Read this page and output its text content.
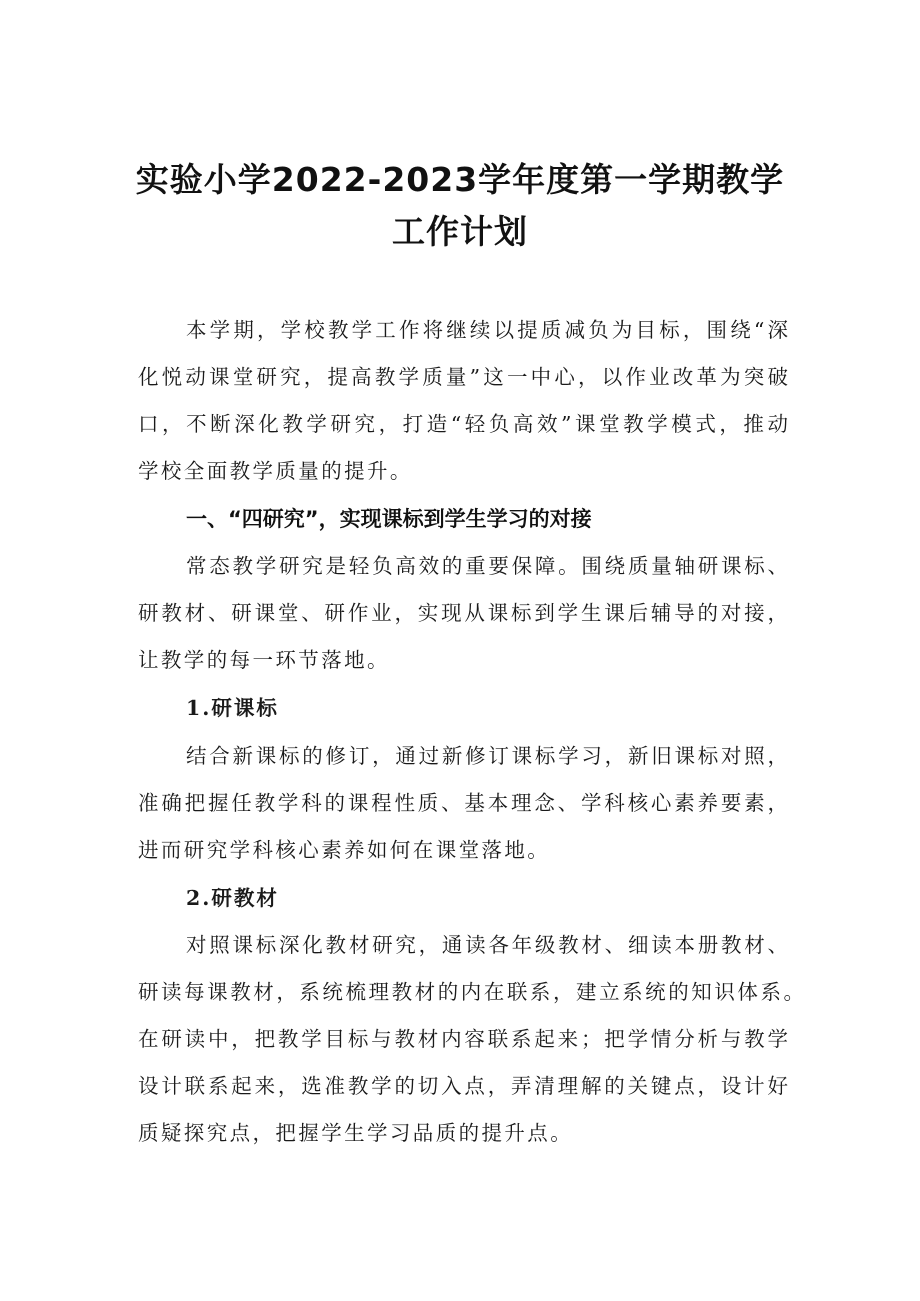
实验小学2022-2023学年度第一学期教学
工作计划

本学期，学校教学工作将继续以提质减负为目标，围绕“深

化悦动课堂研究，提高教学质量”这一中心，以作业改革为突破

口，不断深化教学研究，打造“轻负高效”课堂教学模式，推动

学校全面教学质量的提升。

一、“四研究”，实现课标到学生学习的对接

常态教学研究是轻负高效的重要保障。围绕质量轴研课标、

研教材、研课堂、研作业，实现从课标到学生课后辅导的对接，

让教学的每一环节落地。

1.研课标

结合新课标的修订，通过新修订课标学习，新旧课标对照，

准确把握任教学科的课程性质、基本理念、学科核心素养要素，

进而研究学科核心素养如何在课堂落地。

2.研教材

对照课标深化教材研究，通读各年级教材、细读本册教材、

研读每课教材，系统梳理教材的内在联系，建立系统的知识体系。

在研读中，把教学目标与教材内容联系起来；把学情分析与教学

设计联系起来，选准教学的切入点，弄清理解的关键点，设计好

质疑探究点，把握学生学习品质的提升点。
